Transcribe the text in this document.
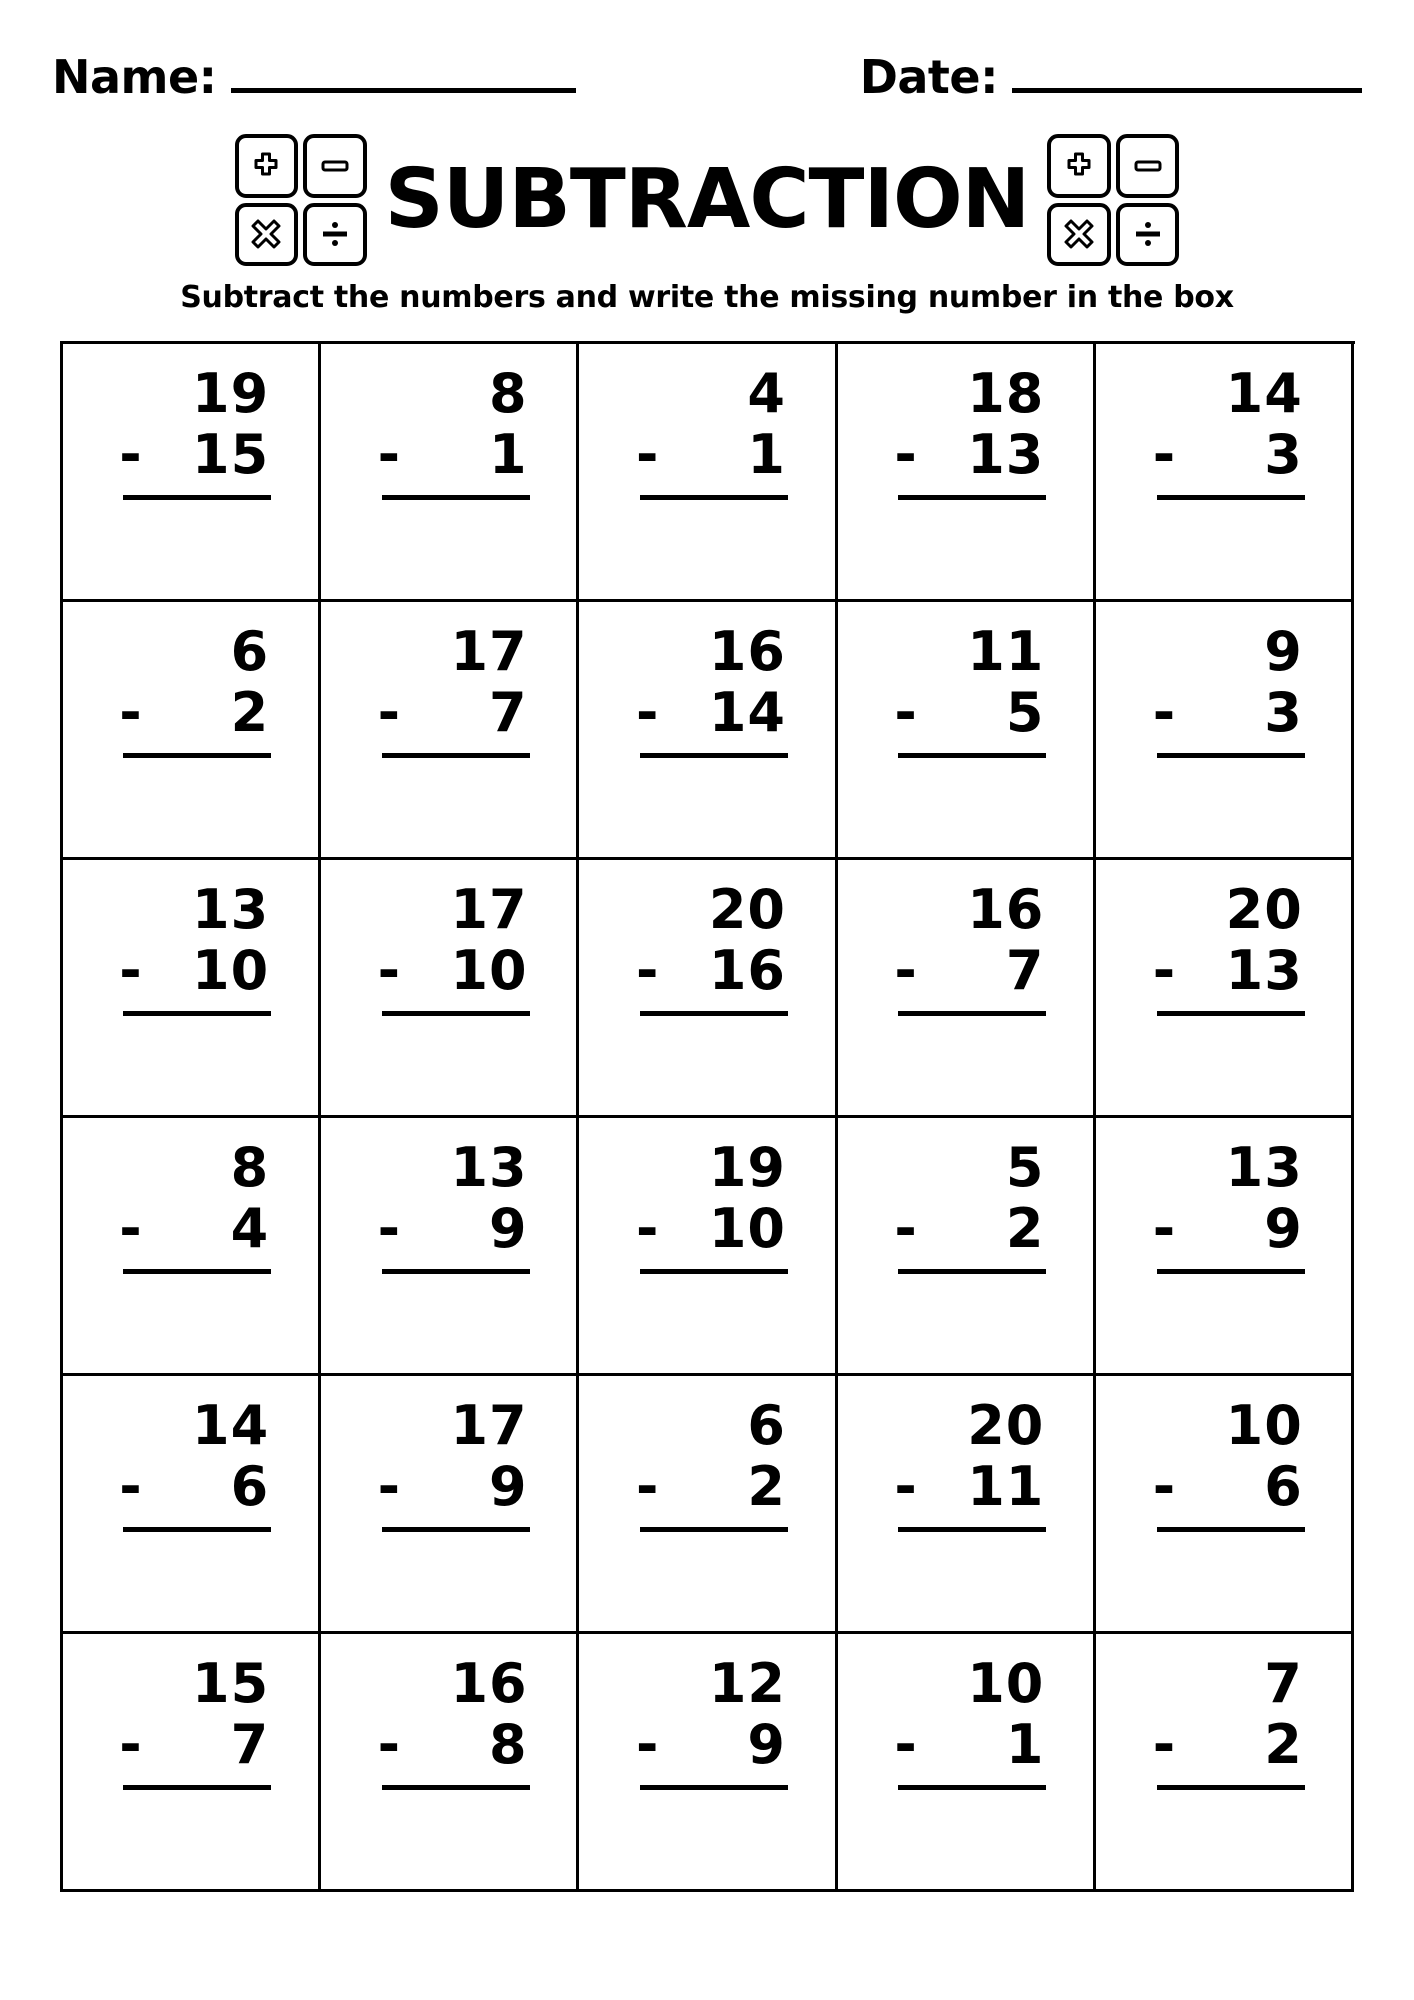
Name:	Date:
SUBTRACTION
Subtract the numbers and write the missing number in the box
19
- 15
8
- 1
4
- 1
18
- 13
14
- 3
6
- 2
17
- 7
16
- 14
11
- 5
9
- 3
13
- 10
17
- 10
20
- 16
16
- 7
20
- 13
8
- 4
13
- 9
19
- 10
5
- 2
13
- 9
14
- 6
17
- 9
6
- 2
20
- 11
10
- 6
15
- 7
16
- 8
12
- 9
10
- 1
7
- 2
